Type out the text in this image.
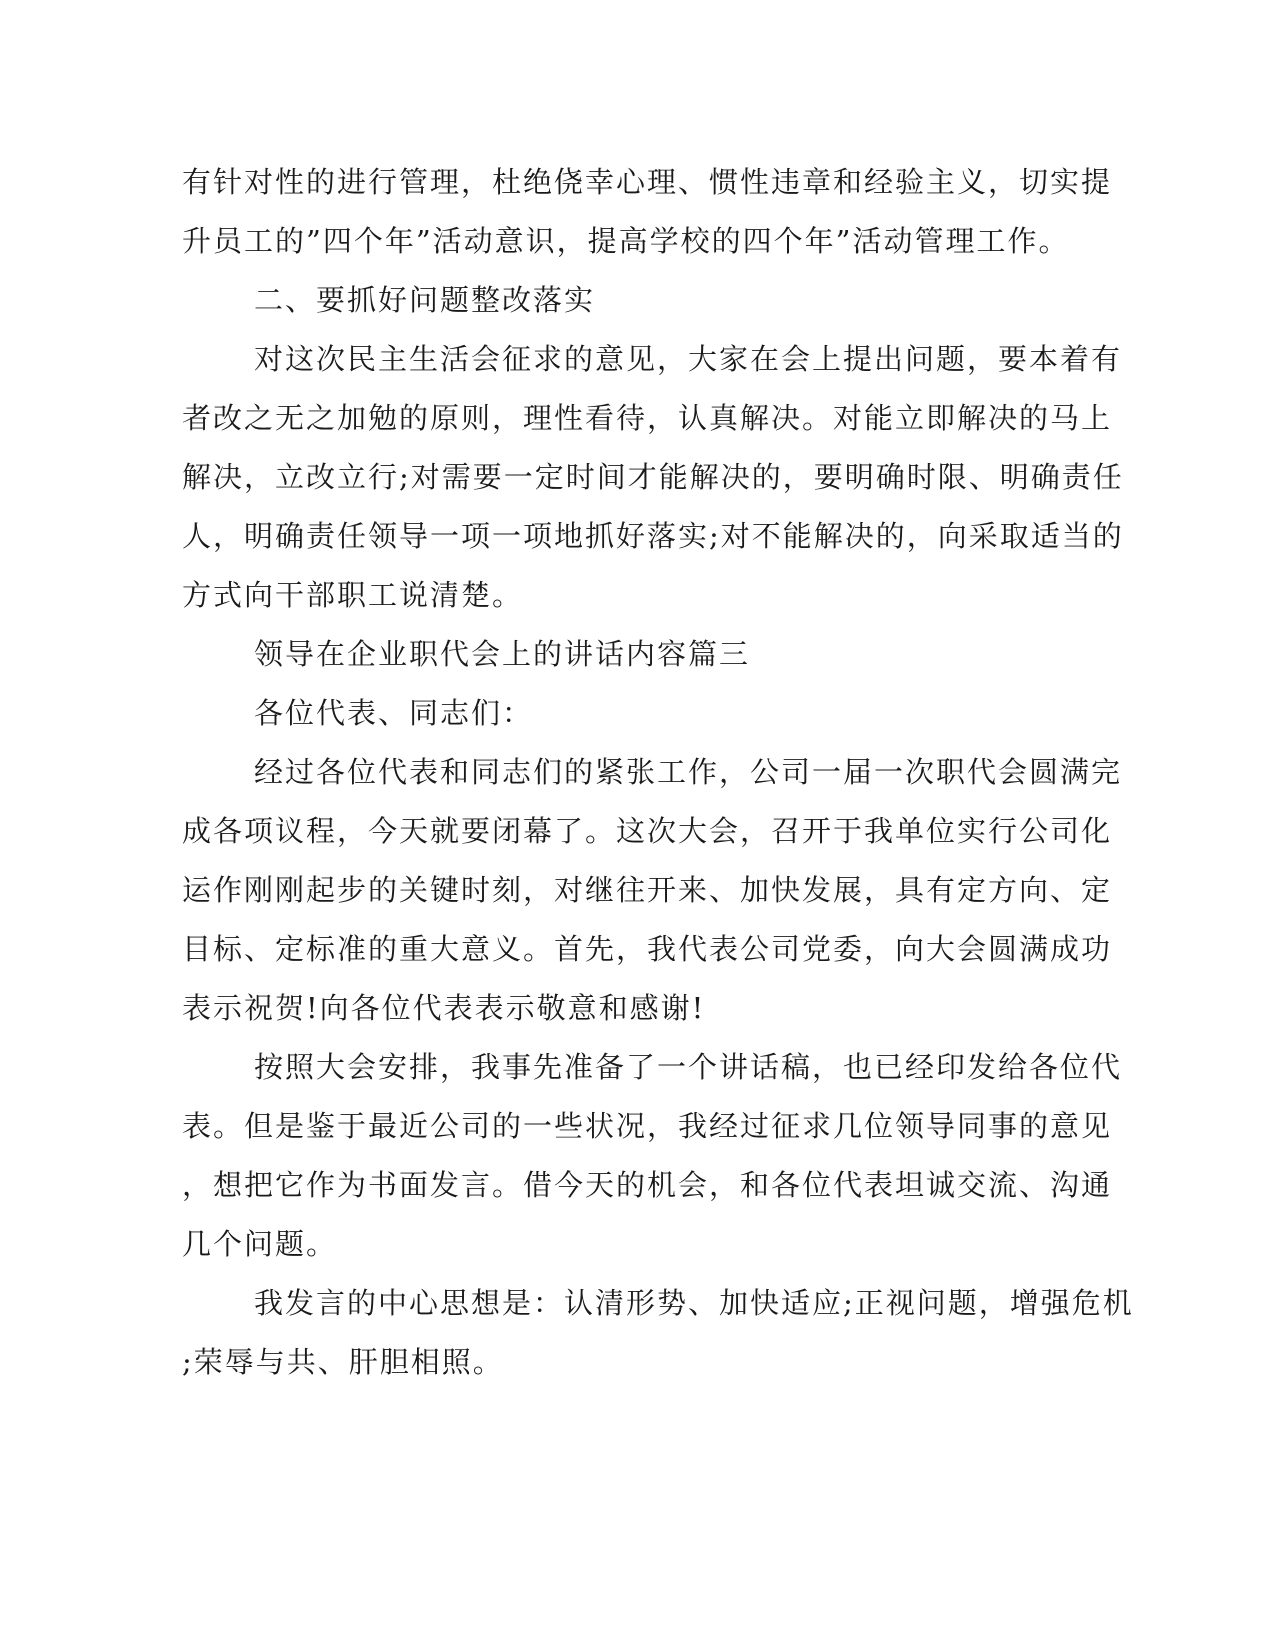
有针对性的进行管理，杜绝侥幸心理、惯性违章和经验主义，切实提
升员工的”四个年”活动意识，提高学校的四个年”活动管理工作。
二、要抓好问题整改落实
对这次民主生活会征求的意见，大家在会上提出问题，要本着有
者改之无之加勉的原则，理性看待，认真解决。对能立即解决的马上
解决，立改立行;对需要一定时间才能解决的，要明确时限、明确责任
人，明确责任领导一项一项地抓好落实;对不能解决的，向采取适当的
方式向干部职工说清楚。
领导在企业职代会上的讲话内容篇三
各位代表、同志们：
经过各位代表和同志们的紧张工作，公司一届一次职代会圆满完
成各项议程，今天就要闭幕了。这次大会，召开于我单位实行公司化
运作刚刚起步的关键时刻，对继往开来、加快发展，具有定方向、定
目标、定标准的重大意义。首先，我代表公司党委，向大会圆满成功
表示祝贺!向各位代表表示敬意和感谢!
按照大会安排，我事先准备了一个讲话稿，也已经印发给各位代
表。但是鉴于最近公司的一些状况，我经过征求几位领导同事的意见
，想把它作为书面发言。借今天的机会，和各位代表坦诚交流、沟通
几个问题。
我发言的中心思想是：认清形势、加快适应;正视问题，增强危机
;荣辱与共、肝胆相照。
